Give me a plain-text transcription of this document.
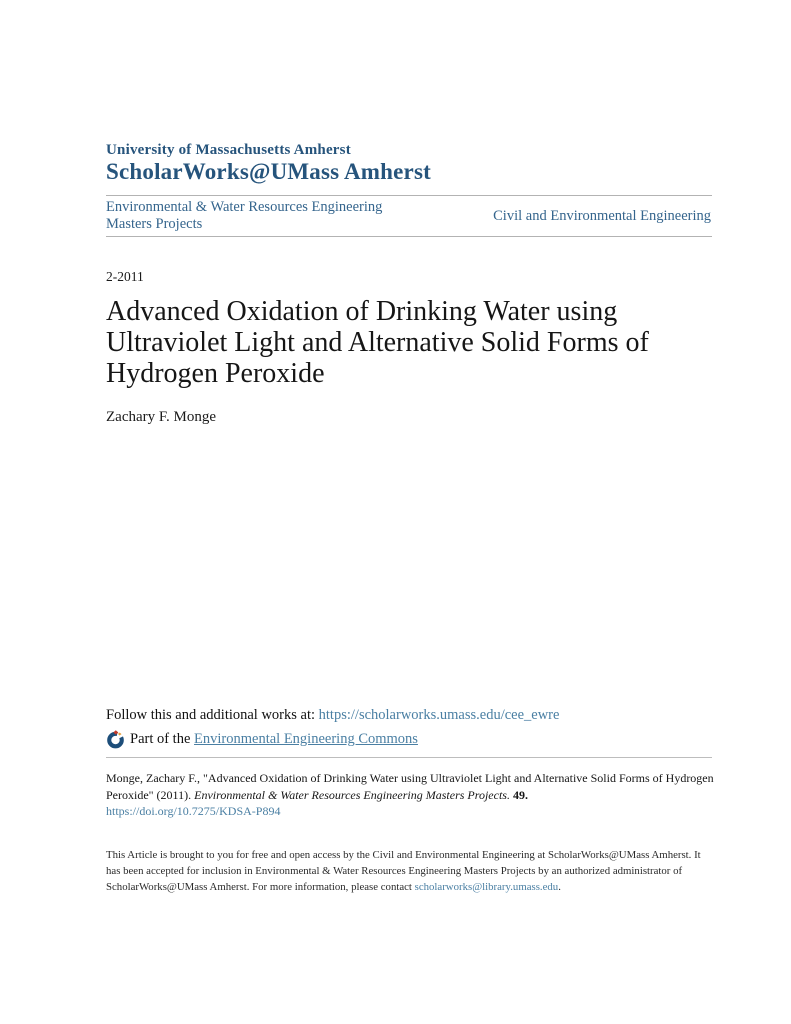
University of Massachusetts Amherst
ScholarWorks@UMass Amherst
Environmental & Water Resources Engineering
Masters Projects	Civil and Environmental Engineering
2-2011
Advanced Oxidation of Drinking Water using
Ultraviolet Light and Alternative Solid Forms of
Hydrogen Peroxide
Zachary F. Monge
Follow this and additional works at: https://scholarworks.umass.edu/cee_ewre
Part of the Environmental Engineering Commons
Monge, Zachary F., "Advanced Oxidation of Drinking Water using Ultraviolet Light and Alternative Solid Forms of Hydrogen Peroxide" (2011). Environmental & Water Resources Engineering Masters Projects. 49.
https://doi.org/10.7275/KDSA-P894
This Article is brought to you for free and open access by the Civil and Environmental Engineering at ScholarWorks@UMass Amherst. It has been accepted for inclusion in Environmental & Water Resources Engineering Masters Projects by an authorized administrator of ScholarWorks@UMass Amherst. For more information, please contact scholarworks@library.umass.edu.
